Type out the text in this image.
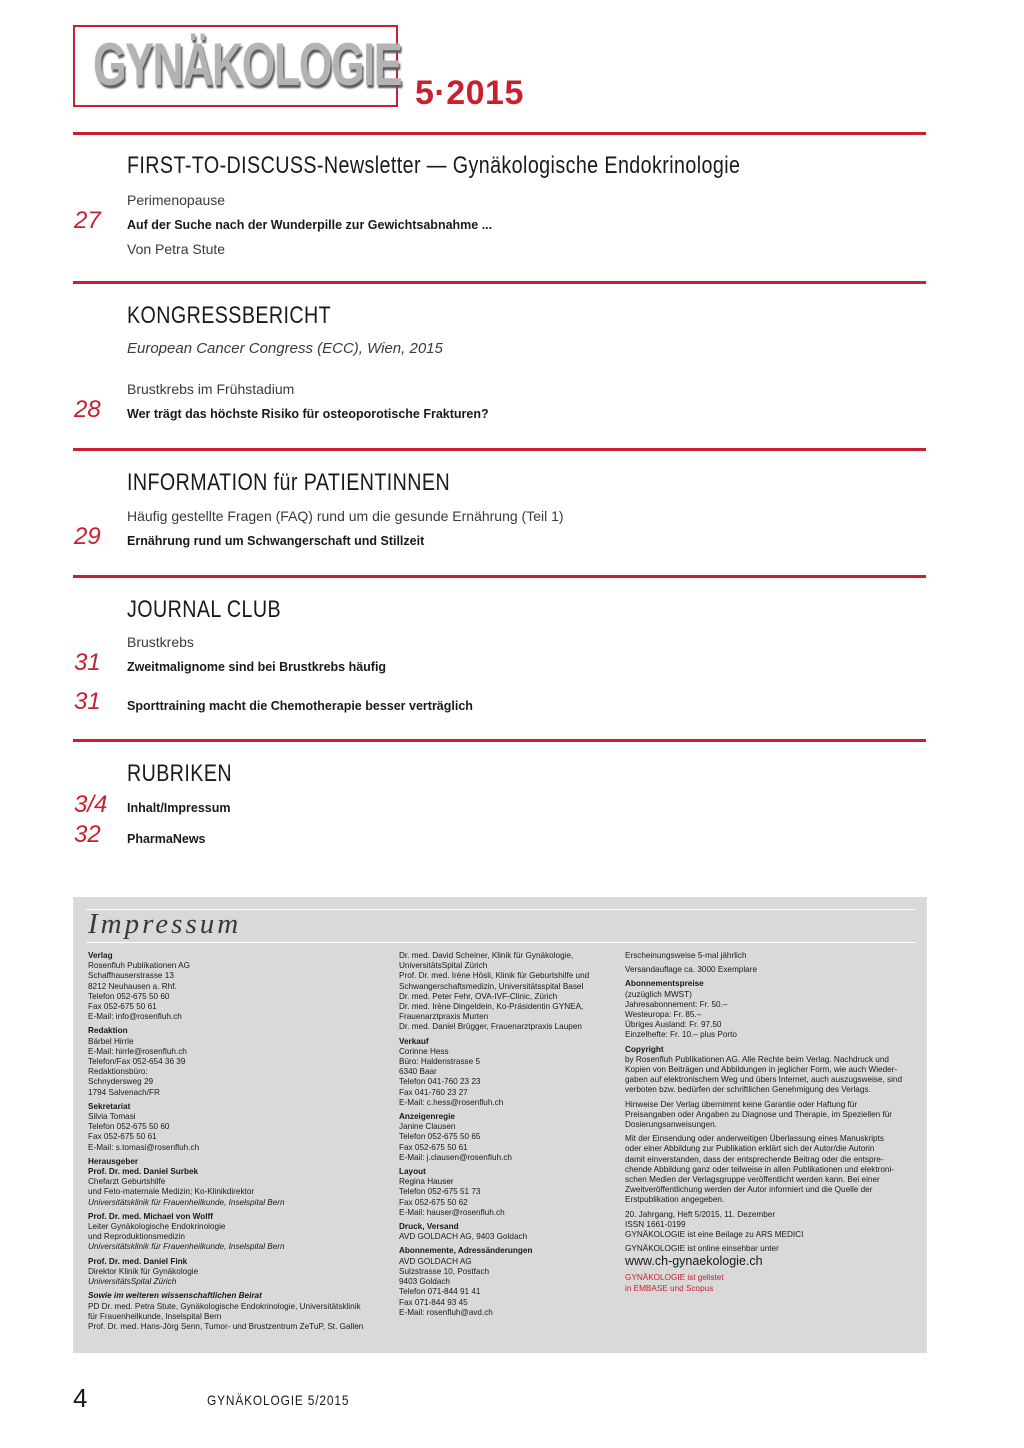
GYNÄKOLOGIE 5·2015
FIRST-TO-DISCUSS-Newsletter — Gynäkologische Endokrinologie
Perimenopause
27	Auf der Suche nach der Wunderpille zur Gewichtsabnahme ...
Von Petra Stute
KONGRESSBERICHT
European Cancer Congress (ECC), Wien, 2015
Brustkrebs im Frühstadium
28	Wer trägt das höchste Risiko für osteoporotische Frakturen?
INFORMATION für PATIENTINNEN
Häufig gestellte Fragen (FAQ) rund um die gesunde Ernährung (Teil 1)
29	Ernährung rund um Schwangerschaft und Stillzeit
JOURNAL CLUB
Brustkrebs
31	Zweitmalignome sind bei Brustkrebs häufig
31	Sporttraining macht die Chemotherapie besser verträglich
RUBRIKEN
3/4	Inhalt/Impressum
32	PharmaNews
Impressum
Verlag
Rosenfluh Publikationen AG
Schaffhauserstrasse 13
8212 Neuhausen a. Rhf.
Telefon 052-675 50 60
Fax 052-675 50 61
E-Mail: info@rosenfluh.ch
Redaktion
Bärbel Hirrle
E-Mail: hirrle@rosenfluh.ch
Telefon/Fax 052-654 36 39
Redaktionsbüro:
Schnydersweg 29
1794 Salvenach/FR
Sekretariat
Silvia Tomasi
Telefon 052-675 50 60
Fax 052-675 50 61
E-Mail: s.tomasi@rosenfluh.ch
Herausgeber
Prof. Dr. med. Daniel Surbek
Chefarzt Geburtshilfe
und Feto-maternale Medizin; Ko-Klinikdirektor
Universitätsklinik für Frauenheilkunde, Inselspital Bern
Prof. Dr. med. Michael von Wolff
Leiter Gynäkologische Endokrinologie
und Reproduktionsmedizin
Universitätsklinik für Frauenheilkunde, Inselspital Bern
Prof. Dr. med. Daniel Fink
Direktor Klinik für Gynäkologie
UniversitätsSpital Zürich
Sowie im weiteren wissenschaftlichen Beirat
PD Dr. med. Petra Stute, Gynäkologische Endokrinologie, Universitätsklinik
für Frauenheilkunde, Inselspital Bern
Prof. Dr. med. Hans-Jörg Senn, Tumor- und Brustzentrum ZeTuP, St. Gallen
Dr. med. David Scheiner, Klinik für Gynäkologie,
UniversitätsSpital Zürich
Prof. Dr. med. Irène Hösli, Klinik für Geburtshilfe und
Schwangerschaftsmedizin, Universitätsspital Basel
Dr. med. Peter Fehr, OVA-IVF-Clinic, Zürich
Dr. med. Irène Dingeldein, Ko-Präsidentin GYNEA,
Frauenarztpraxis Murten
Dr. med. Daniel Brügger, Frauenarztpraxis Laupen
Verkauf
Corinne Hess
Büro: Haldenstrasse 5
6340 Baar
Telefon 041-760 23 23
Fax 041-760 23 27
E-Mail: c.hess@rosenfluh.ch
Anzeigenregie
Janine Clausen
Telefon 052-675 50 65
Fax 052-675 50 61
E-Mail: j.clausen@rosenfluh.ch
Layout
Regina Hauser
Telefon 052-675 51 73
Fax 052-675 50 62
E-Mail: hauser@rosenfluh.ch
Druck, Versand
AVD GOLDACH AG, 9403 Goldach
Abonnemente, Adressänderungen
AVD GOLDACH AG
Sulzstrasse 10, Postfach
9403 Goldach
Telefon 071-844 91 41
Fax 071-844 93 45
E-Mail: rosenfluh@avd.ch
Erscheinungsweise 5-mal jährlich
Versandauflage ca. 3000 Exemplare
Abonnementspreise
(zuzüglich MWST)
Jahresabonnement: Fr. 50.–
Westeuropa: Fr. 85.–
Übriges Ausland: Fr. 97.50
Einzelhefte: Fr. 10.– plus Porto
Copyright
by Rosenfluh Publikationen AG. Alle Rechte beim Verlag. Nachdruck und
Kopien von Beiträgen und Abbildungen in jeglicher Form, wie auch Wieder-
gaben auf elektronischem Weg und übers Internet, auch auszugsweise, sind
verboten bzw. bedürfen der schriftlichen Genehmigung des Verlags.
Hinweise Der Verlag übernimmt keine Garantie oder Haftung für
Preisangaben oder Angaben zu Diagnose und Therapie, im Speziellen für
Dosierungsanweisungen.
Mit der Einsendung oder anderweitigen Überlassung eines Manuskripts
oder einer Abbildung zur Publikation erklärt sich der Autor/die Autorin
damit einverstanden, dass der entsprechende Beitrag oder die entspre-
chende Abbildung ganz oder teilweise in allen Publikationen und elektroni-
schen Medien der Verlagsgruppe veröffentlicht werden kann. Bei einer
Zweitveröffentlichung werden der Autor informiert und die Quelle der
Erstpublikation angegeben.
20. Jahrgang, Heft 5/2015, 11. Dezember
ISSN 1661-0199
GYNÄKOLOGIE ist eine Beilage zu ARS MEDICI
GYNÄKOLOGIE ist online einsehbar unter
www.ch-gynaekologie.ch
GYNÄKOLOGIE ist gelistet
in EMBASE und Scopus
4	GYNÄKOLOGIE 5/2015
